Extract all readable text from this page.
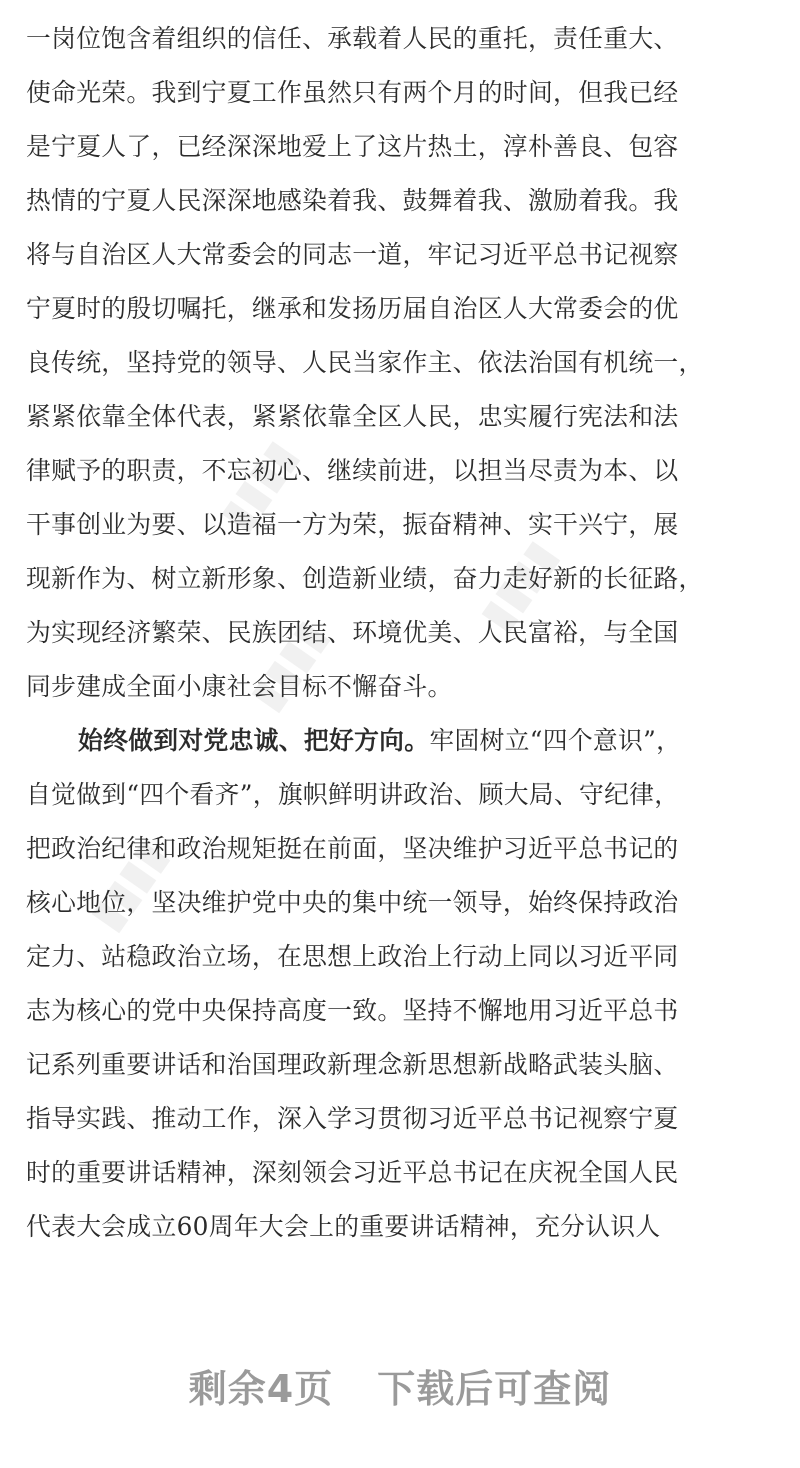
▮▮▮▮
▮▮▮▮
▮▮▮▮
▮▮▮▮
一岗位饱含着组织的信任、承载着人民的重托，责任重大、
使命光荣。我到宁夏工作虽然只有两个月的时间，但我已经
是宁夏人了，已经深深地爱上了这片热土，淳朴善良、包容
热情的宁夏人民深深地感染着我、鼓舞着我、激励着我。我
将与自治区人大常委会的同志一道，牢记习近平总书记视察
宁夏时的殷切嘱托，继承和发扬历届自治区人大常委会的优
良传统，坚持党的领导、人民当家作主、依法治国有机统一，
紧紧依靠全体代表，紧紧依靠全区人民，忠实履行宪法和法
律赋予的职责，不忘初心、继续前进，以担当尽责为本、以
干事创业为要、以造福一方为荣，振奋精神、实干兴宁，展
现新作为、树立新形象、创造新业绩，奋力走好新的长征路，
为实现经济繁荣、民族团结、环境优美、人民富裕，与全国
同步建成全面小康社会目标不懈奋斗。
始终做到对党忠诚、把好方向。牢固树立“四个意识”，
自觉做到“四个看齐”，旗帜鲜明讲政治、顾大局、守纪律，
把政治纪律和政治规矩挺在前面，坚决维护习近平总书记的
核心地位，坚决维护党中央的集中统一领导，始终保持政治
定力、站稳政治立场，在思想上政治上行动上同以习近平同
志为核心的党中央保持高度一致。坚持不懈地用习近平总书
记系列重要讲话和治国理政新理念新思想新战略武装头脑、
指导实践、推动工作，深入学习贯彻习近平总书记视察宁夏
时的重要讲话精神，深刻领会习近平总书记在庆祝全国人民
代表大会成立60周年大会上的重要讲话精神，充分认识人
剩余4页 下载后可查阅
